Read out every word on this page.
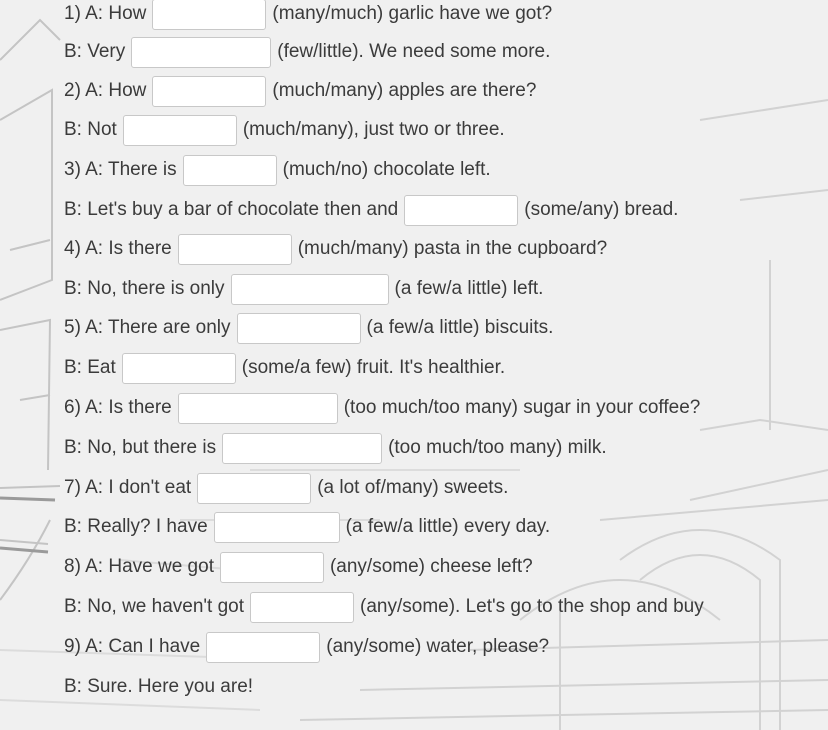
1) A: How	(many/much) garlic have we got?
B: Very	(few/little). We need some more.
2) A: How	(much/many) apples are there?
B: Not	(much/many), just two or three.
3) A: There is	(much/no) chocolate left.
B: Let's buy a bar of chocolate then and	(some/any) bread.
4) A: Is there	(much/many) pasta in the cupboard?
B: No, there is only	(a few/a little) left.
5) A: There are only	(a few/a little) biscuits.
B: Eat	(some/a few) fruit. It's healthier.
6) A: Is there	(too much/too many) sugar in your coffee?
B: No, but there is	(too much/too many) milk.
7) A: I don't eat	(a lot of/many) sweets.
B: Really? I have	(a few/a little) every day.
8) A: Have we got	(any/some) cheese left?
B: No, we haven't got	(any/some). Let's go to the shop and buy
9) A: Can I have	(any/some) water, please?
B: Sure. Here you are!
